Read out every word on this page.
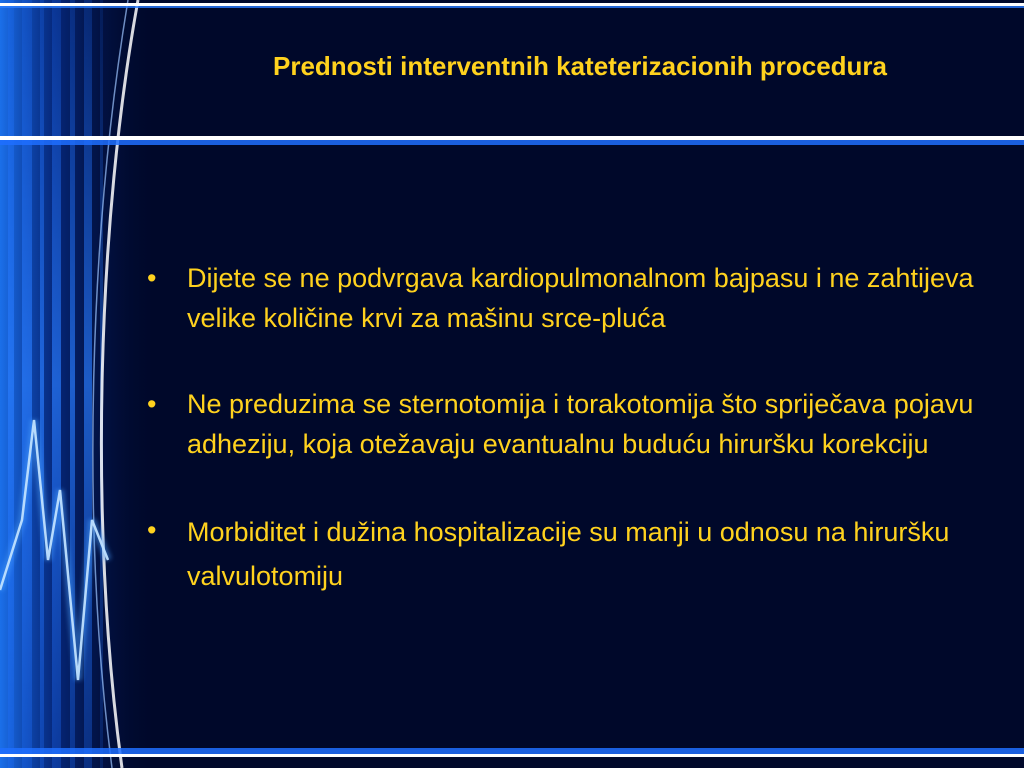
Prednosti interventnih kateterizacionih procedura
• Dijete se ne podvrgava kardiopulmonalnom bajpasu i ne zahtijeva velike količine krvi za mašinu srce-pluća
• Ne preduzima se sternotomija i torakotomija što spriječava pojavu adheziju, koja otežavaju evantualnu buduću hiruršku korekciju
• Morbiditet i dužina hospitalizacije su manji u odnosu na hiruršku valvulotomiju
